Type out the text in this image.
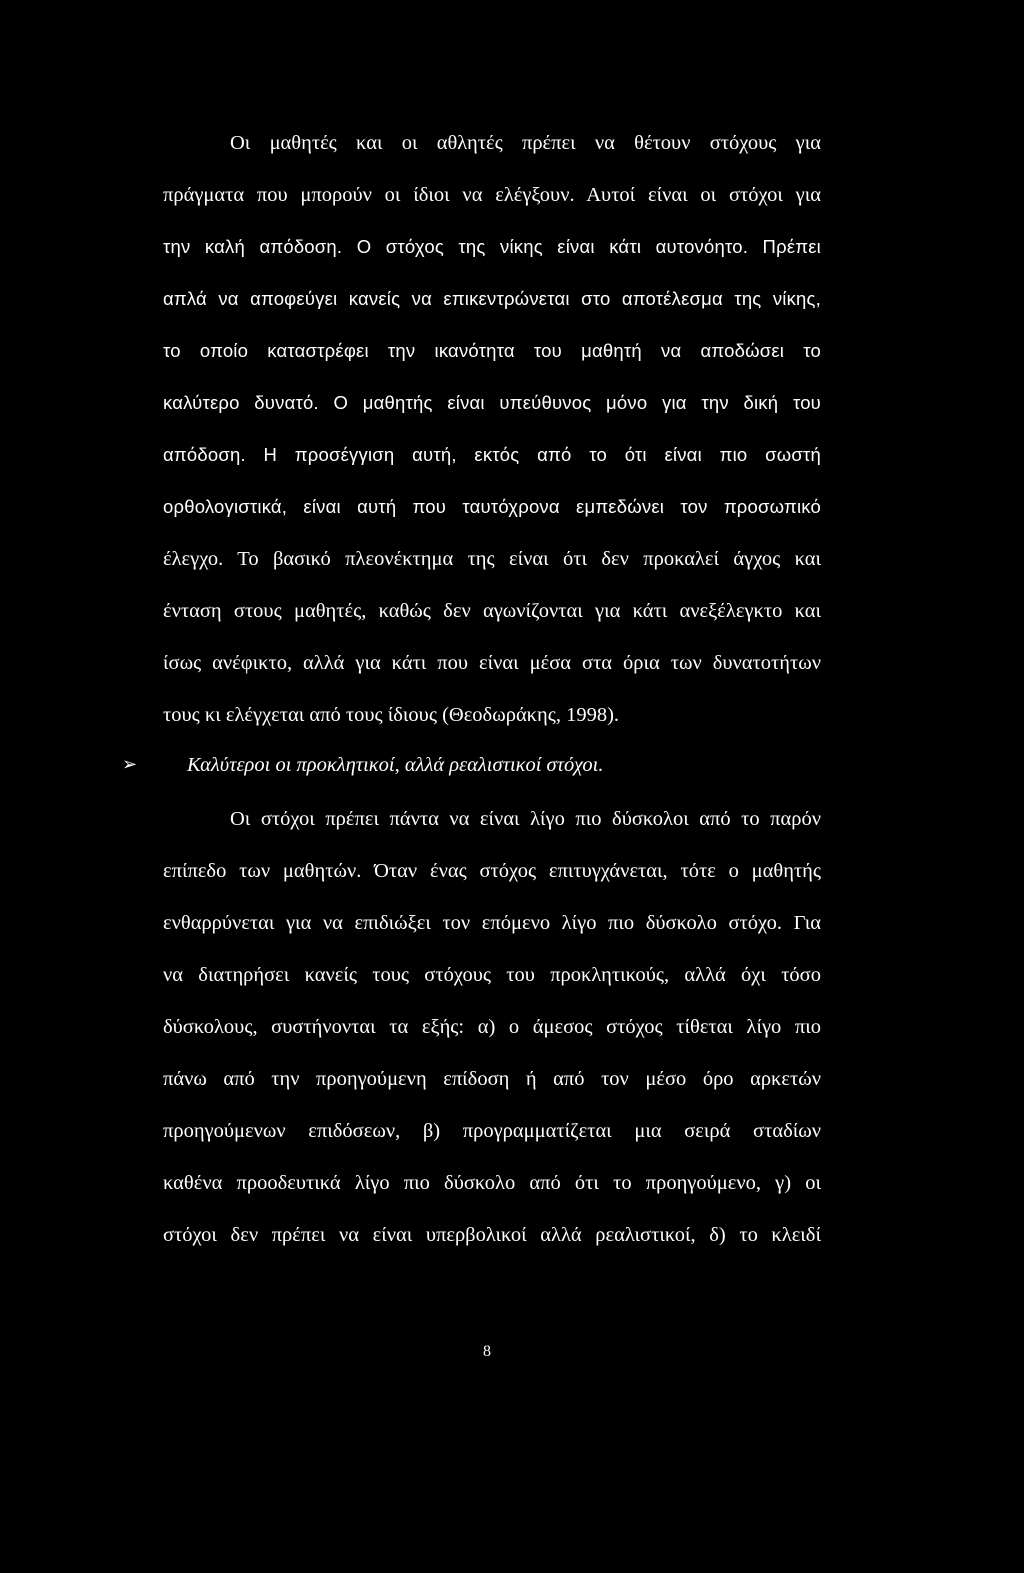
Οι μαθητές και οι αθλητές πρέπει να θέτουν στόχους για
πράγματα που μπορούν οι ίδιοι να ελέγξουν. Αυτοί είναι οι στόχοι για
την καλή απόδοση. Ο στόχος της νίκης είναι κάτι αυτονόητο. Πρέπει
απλά να αποφεύγει κανείς να επικεντρώνεται στο αποτέλεσμα της νίκης,
το οποίο καταστρέφει την ικανότητα του μαθητή να αποδώσει το
καλύτερο δυνατό. Ο μαθητής είναι υπεύθυνος μόνο για την δική του
απόδοση. Η προσέγγιση αυτή, εκτός από το ότι είναι πιο σωστή
ορθολογιστικά, είναι αυτή που ταυτόχρονα εμπεδώνει τον προσωπικό
έλεγχο. Το βασικό πλεονέκτημα της είναι ότι δεν προκαλεί άγχος και
ένταση στους μαθητές, καθώς δεν αγωνίζονται για κάτι ανεξέλεγκτο και
ίσως ανέφικτο, αλλά για κάτι που είναι μέσα στα όρια των δυνατοτήτων
τους κι ελέγχεται από τους ίδιους (Θεοδωράκης, 1998).
➢ Καλύτεροι οι προκλητικοί, αλλά ρεαλιστικοί στόχοι.
Οι στόχοι πρέπει πάντα να είναι λίγο πιο δύσκολοι από το παρόν
επίπεδο των μαθητών. Όταν ένας στόχος επιτυγχάνεται, τότε ο μαθητής
ενθαρρύνεται για να επιδιώξει τον επόμενο λίγο πιο δύσκολο στόχο. Για
να διατηρήσει κανείς τους στόχους του προκλητικούς, αλλά όχι τόσο
δύσκολους, συστήνονται τα εξής: α) ο άμεσος στόχος τίθεται λίγο πιο
πάνω από την προηγούμενη επίδοση ή από τον μέσο όρο αρκετών
προηγούμενων επιδόσεων, β) προγραμματίζεται μια σειρά σταδίων
καθένα προοδευτικά λίγο πιο δύσκολο από ότι το προηγούμενο, γ) οι
στόχοι δεν πρέπει να είναι υπερβολικοί αλλά ρεαλιστικοί, δ) το κλειδί
8
